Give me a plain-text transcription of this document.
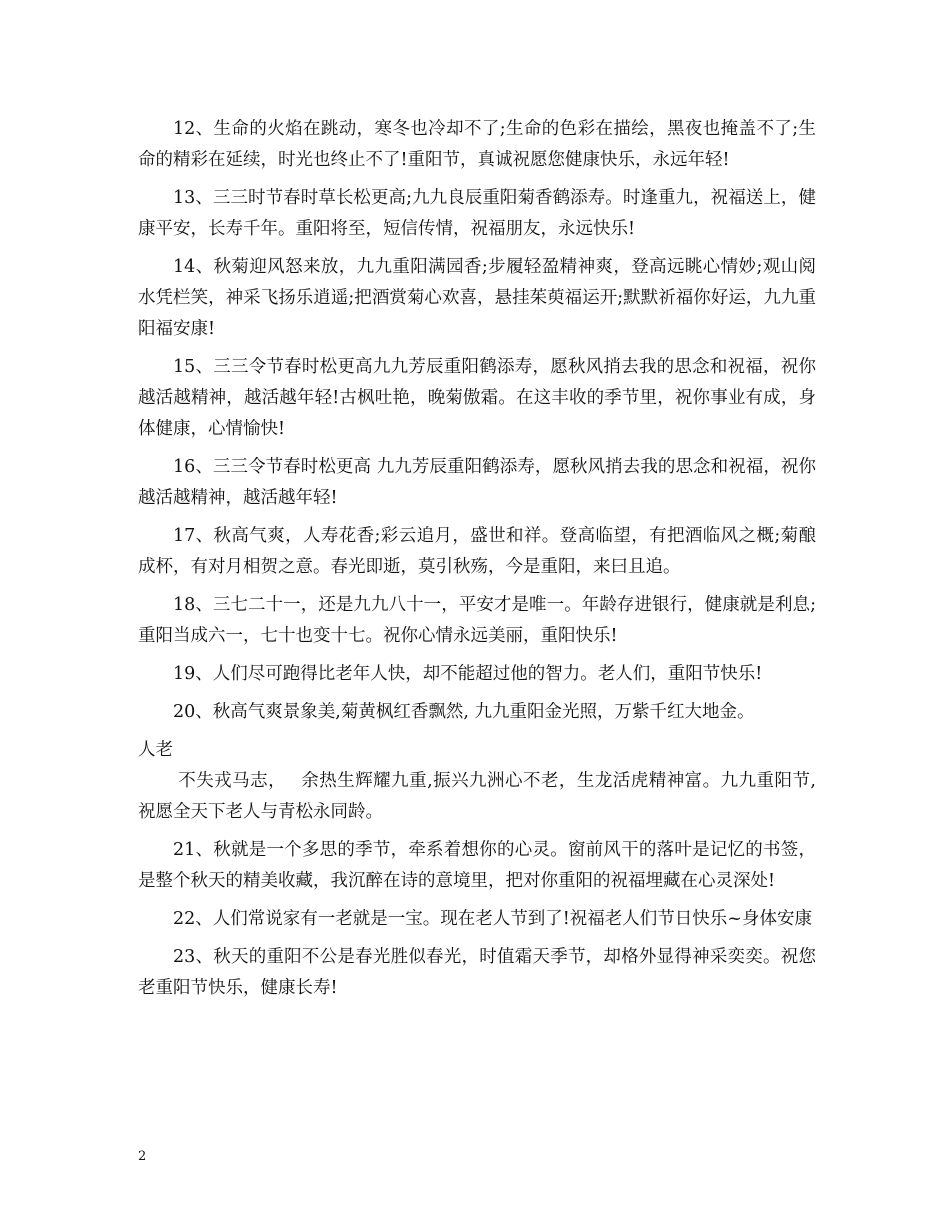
12、生命的火焰在跳动，寒冬也冷却不了;生命的色彩在描绘，黑夜也掩盖不了;生命的精彩在延续，时光也终止不了!重阳节，真诚祝愿您健康快乐，永远年轻!

13、三三时节春时草长松更高;九九良辰重阳菊香鹤添寿。时逢重九，祝福送上，健康平安，长寿千年。重阳将至，短信传情，祝福朋友，永远快乐!

14、秋菊迎风怒来放，九九重阳满园香;步履轻盈精神爽，登高远眺心情妙;观山阅水凭栏笑，神采飞扬乐逍遥;把酒赏菊心欢喜，悬挂茱萸福运开;默默祈福你好运，九九重阳福安康!

15、三三令节春时松更高九九芳辰重阳鹤添寿，愿秋风捎去我的思念和祝福，祝你越活越精神，越活越年轻!古枫吐艳，晚菊傲霜。在这丰收的季节里，祝你事业有成，身体健康，心情愉快!

16、三三令节春时松更高 九九芳辰重阳鹤添寿，愿秋风捎去我的思念和祝福，祝你越活越精神，越活越年轻!

17、秋高气爽，人寿花香;彩云追月，盛世和祥。登高临望，有把酒临风之概;菊酿成杯，有对月相贺之意。春光即逝，莫引秋殇，今是重阳，来曰且追。

18、三七二十一，还是九九八十一，平安才是唯一。年龄存进银行，健康就是利息;重阳当成六一，七十也变十七。祝你心情永远美丽，重阳快乐!

19、人们尽可跑得比老年人快，却不能超过他的智力。老人们，重阳节快乐!

20、秋高气爽景象美,菊黄枫红香飘然, 九九重阳金光照，万紫千红大地金。

人老

不失戎马志，　 余热生辉耀九重,振兴九洲心不老，生龙活虎精神富。九九重阳节,祝愿全天下老人与青松永同龄。

21、秋就是一个多思的季节，牵系着想你的心灵。窗前风干的落叶是记忆的书签，是整个秋天的精美收藏，我沉醉在诗的意境里，把对你重阳的祝福埋藏在心灵深处!

22、人们常说家有一老就是一宝。现在老人节到了!祝福老人们节日快乐~身体安康

23、秋天的重阳不公是春光胜似春光，时值霜天季节，却格外显得神采奕奕。祝您老重阳节快乐，健康长寿!

2
